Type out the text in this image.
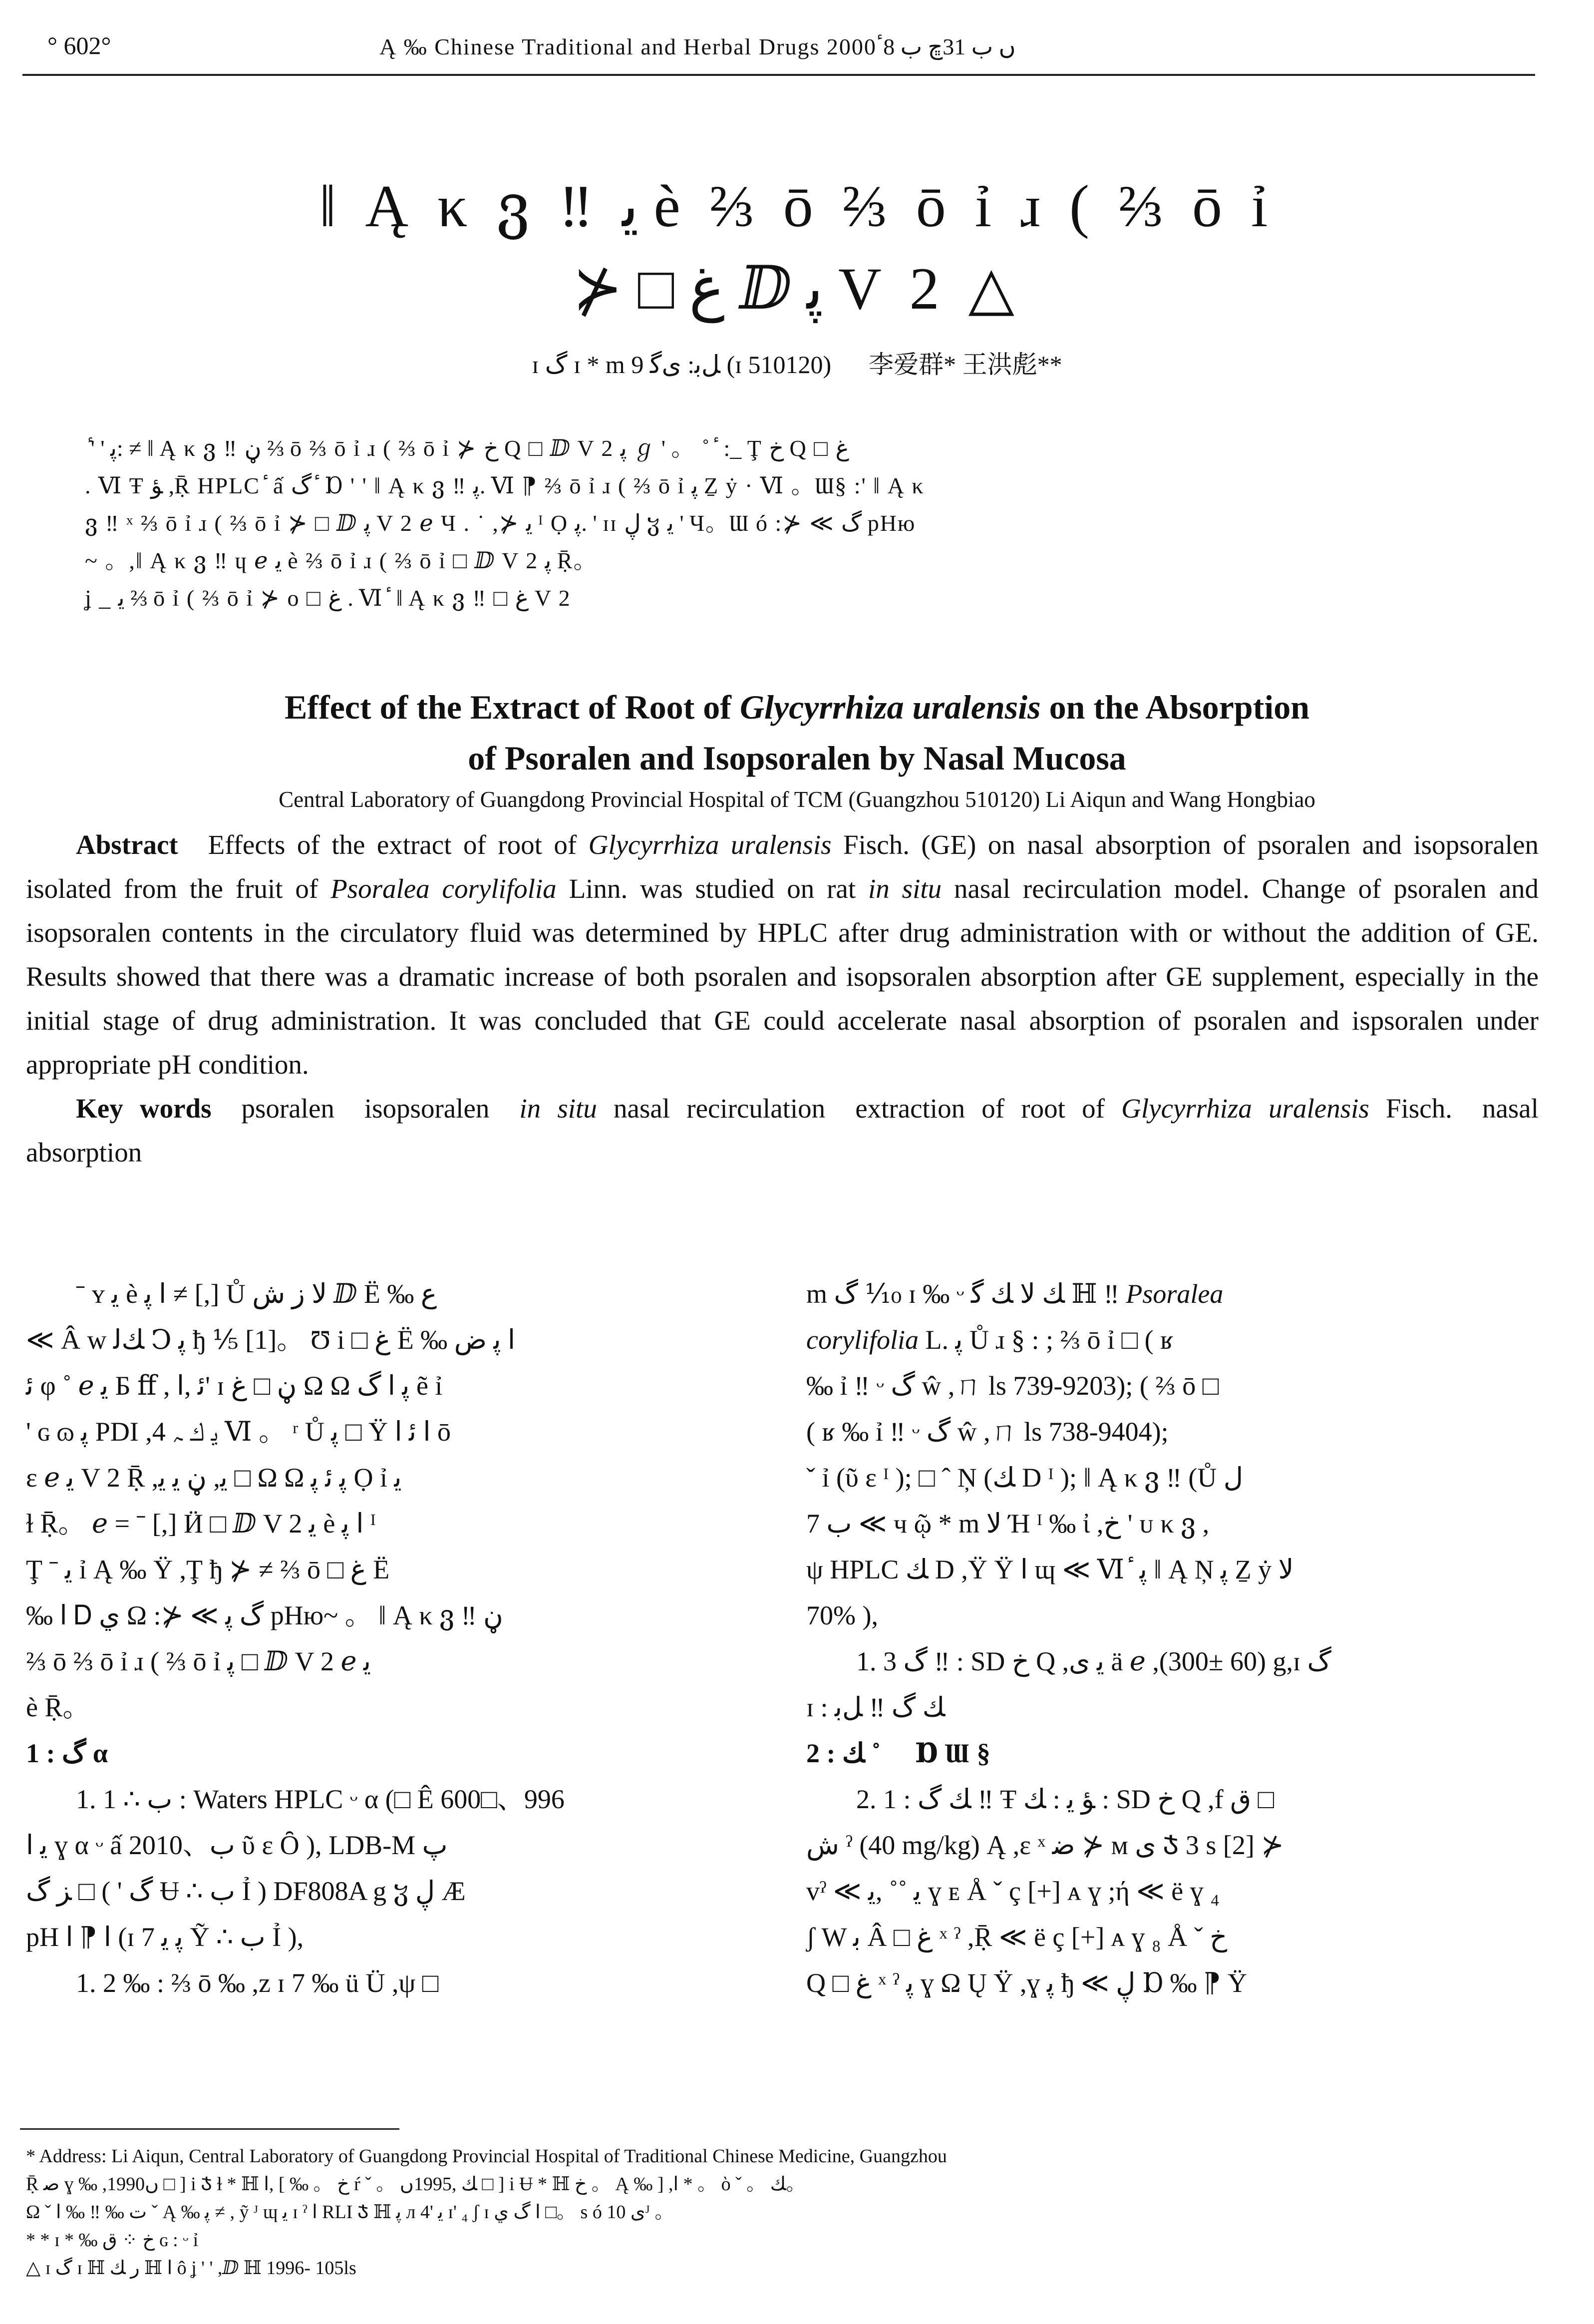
° 602°	Ą ‰ Chinese Traditional and Herbal Drugs 2000ں ب 31ڇ ب 8ٴ
‖ Ą κ ვ ‼ ﯾ è ⅔ ō ⅔ ō ỉ ɹ ( ⅔ ō ỉ
⊁ □ غ ⅅ ﭘ V 2 △
ɪ گ ɪ * m ﻞﺑ: ﻯﮔ 9 (ɪ 510120) 李爱群* 王洪彪**
ٔ ' ' ﭘ: ≠ ‖ Ą κ ვ ‼ ڼ ⅔ ō ⅔ ō ỉ ɹ ( ⅔ ō ỉ ⊁ ﺥ Q □ ⅅ V 2 ﭘ ℊ ' 。 ˚ ٔ :_ Ţ ﺥ Q □ غ
. Ⅵ Ŧ ﺆ ,Ṝ HPLC ٔ ấ گ ٔ Ɒ ' ' ‖ Ą κ ვ ‼ ﭘ. Ⅵ ⁋ ⅔ ō ỉ ɹ ( ⅔ ō ỉ ﭘ Ẕ ẏ · Ⅵ 。Ɯ§ :' ‖ Ą κ
ვ ‼ ˣ ⅔ ō ỉ ɹ ( ⅔ ō ỉ ⊁ □ ⅅ ﭘ V 2 ℯ Ч . ˙ ,⊁ ﯾ ᴵ Ọ ﭘ. ' ɪɪ ڸ ჳ ﯾ ' Ч。Ɯ ó :⊁ ≪ گ pHю
~ 。,‖ Ą κ ვ ‼ ɥ ℯ ﯾ è ⅔ ō ỉ ɹ ( ⅔ ō ỉ □ ⅅ V 2 ﭘ Ṝ。
ʝ _ ﯾ ⅔ ō ỉ ( ⅔ ō ỉ ⊁ ο □ غ . Ⅵ ٔ ‖ Ą κ ვ ‼ □ غ V 2
Effect of the Extract of Root of Glycyrrhiza uralensis on the Absorption
of Psoralen and Isopsoralen by Nasal Mucosa
Central Laboratory of Guangdong Provincial Hospital of TCM (Guangzhou 510120) Li Aiqun and Wang Hongbiao
Abstract Effects of the extract of root of Glycyrrhiza uralensis Fisch. (GE) on nasal absorption of psoralen and isopsoralen isolated from the fruit of Psoralea corylifolia Linn. was studied on rat in situ nasal recirculation model. Change of psoralen and isopsoralen contents in the circulatory fluid was determined by HPLC after drug administration with or without the addition of GE. Results showed that there was a dramatic increase of both psoralen and isopsoralen absorption after GE supplement, especially in the initial stage of drug administration. It was concluded that GE could accelerate nasal absorption of psoralen and ispsoralen under appropriate pH condition.
Key words psoralen isopsoralen in situ nasal recirculation extraction of root of Glycyrrhiza uralensis Fisch. nasal absorption

ˉ ʏ ﯾ è ﺍ ﭘ ≠ [,] Ů ﻻ ﺯ ﺵ ⅅ Ë ‰ ﻉ

≪ Â w ﻚﻟ Ↄ ﭘ ђ ⅕ [1]。 Ʊ i □ غ Ë ‰ ﺍ ﭘ ﺽ

ﺋ φ ˚ ℯ ﯾ Б ﬀ , ﺋ ,ﺍ' ɪ ڼ □ غ Ω Ω ﭘ ﺍ گ ẽ ỉ

' ɢ ɷ ﭘ PDI ,4 ﯾ ﻙ ﮧ Ⅵ 。 ʳ Ů ﭘ □ Ÿ ﺍ ﺋ ﺍ ō

ɛ ℯ ﯾ V 2 Ṝ ,ﯾ, ڼ ﯾ ﯾ □ Ω Ω ﭘ ﺋ ﭘ Ọ ỉ ﯾ

ɫ Ṝ。 ℯ = ˉ [,] Ӥ □ ⅅ V 2 ﯾ è ﺍ ﭘ ᴵ

Ţ ˉ ﯾ ỉ Ą ‰ Ÿ ,Ţ ђ ⊁ ≠ ⅔ ō □ غ Ë

‰ ﺍ Ꭰ ﻱ Ω :⊁ ≪ گ ﭘ pHю~ 。 ‖ Ą κ ვ ‼ ڼ

⅔ ō ⅔ ō ỉ ɹ ( ⅔ ō ỉ ﭘ □ ⅅ V 2 ℯ ﯾ

è Ṝ。

1 : گ α

1. 1 ∴ ب : Waters HPLC ᵕ α (□ Ê 600□、996

ﯾ ﺍ ɣ α ᵕ ấ ب、2010 ῦ ɛ Ȏ ), LDB-M ﭖ

ﺰ گ □ ( ' گ Ʉ ∴ ب Ỉ ) DF808A g ჳ ڸ Æ

pH ﺍ ⁋ ﺍ (ɪ 7 ﭘ ﯾ Ỹ ∴ ب Ỉ ),

1. 2 ‰ : ⅔ ō ‰ ,z ɪ 7 ‰ ü Ü ,ψ □

m گ ⅒ ɪ ‰ ᵕ ﻚ ﻻ ﻚ ﮔ ℍ ‼ Psoralea

corylifolia L. ﭘ Ů ɹ § : ; ⅔ ō ỉ □ ( ʁ

‰ ỉ ‼ ᵕ گ ŵ ,ㄇ ls 739-9203); ( ⅔ ō □

( ʁ ‰ ỉ ‼ ᵕ گ ŵ ,ㄇ ls 738-9404);

ˇ ỉ (ῦ ɛ ᴵ ); □ ˆ Ņ (ﻚ D ᴵ ); ‖ Ą κ ვ ‼ (Ů ﻝ

7 ب ≪ ч ῷ * m ﻻ Ή ᴵ ‰ ἰ ,ﺥ ' ᴜ κ ვ ,

ψ HPLC ﻚ D ,Ÿ Ÿ ﺍ ɰ ≪ Ⅵ ٔ ﭘ ‖ Ą Ņ ﭘ Ẕ ẏ ﻻ

70% ),

1. 3 گ ‼ : SD ﺥ Q ,ﯾ ﻯ ä ℯ ,(300± 60) g,ɪ گ

ɪ : ﻚ گ ‼ ﻞﺑ

2 : ﻚ ˚ ٔ Ɒ Ɯ §

2. 1 : ﻚ گ ‼ Ŧ ﺆ ﯾ : ﻚ : SD ﺥ Q ,f ﻕ □

ﺵ ˀ (40 mg/kg) Ą ,ɛ ˣ ﺿ ⊁ ᴍ ﻯ Ჯ 3 s [2] ⊁

vˀ ≪ ﯾ ˚˚ ,ﯾ ɣ ᴇ Å ˇ ç [+] ᴀ ɣ ;ή ≪ ë ɣ ₄

ʃ W ﺑ Â □ غ ˣ ˀ ,Ṝ ≪ ë ç [+] ᴀ ɣ ₈ Å ˇ ﺥ

Q □ غ ˣ ˀ ﭘ ɣ Ω Ų Ÿ ,ɣ ﭘ ђ ≪ ڸ Ɒ ‰ ⁋ Ÿ

* Address: Li Aiqun, Central Laboratory of Guangdong Provincial Hospital of Traditional Chinese Medicine, Guangzhou

Ṝ ﺻ ɣ ‰ ,1990ں □ ] i Ჯ ɫ * ℍ ﺥ 。 ‰ ] ,ﺍ ŕ ˇ 。 ﻚ ,1995ں □ ] i Ʉ * ℍ ﺥ 。 Ą ‰ ] ,ﺍ * 。 ὸ ˇ 。 ﻚ。

Ω ˇ ﺕ ‰ ‼ ‰ ﺍ ˇ Ą ‰ ﭘ ≠ , ỹ ᴶ ɰ ﯾ ɪ ˀ ﺍ RLI Ჯ ℍ ﭘ л 4' ﯾ ɪ' ₄ ʃ ɪ ﺍ گ ﻱ □。 s ó ﻯ 10ᴶ 。

* * ɪ * ‰ ﺥ ⁘ ﻕ ɢ : ᵕ ỉ

△ ɪ گ ɪ ℍ ﺭ ﻚ ℍ ﺍ ô ʝ ' ' ,ⅅ ℍ 1996- 105ls
